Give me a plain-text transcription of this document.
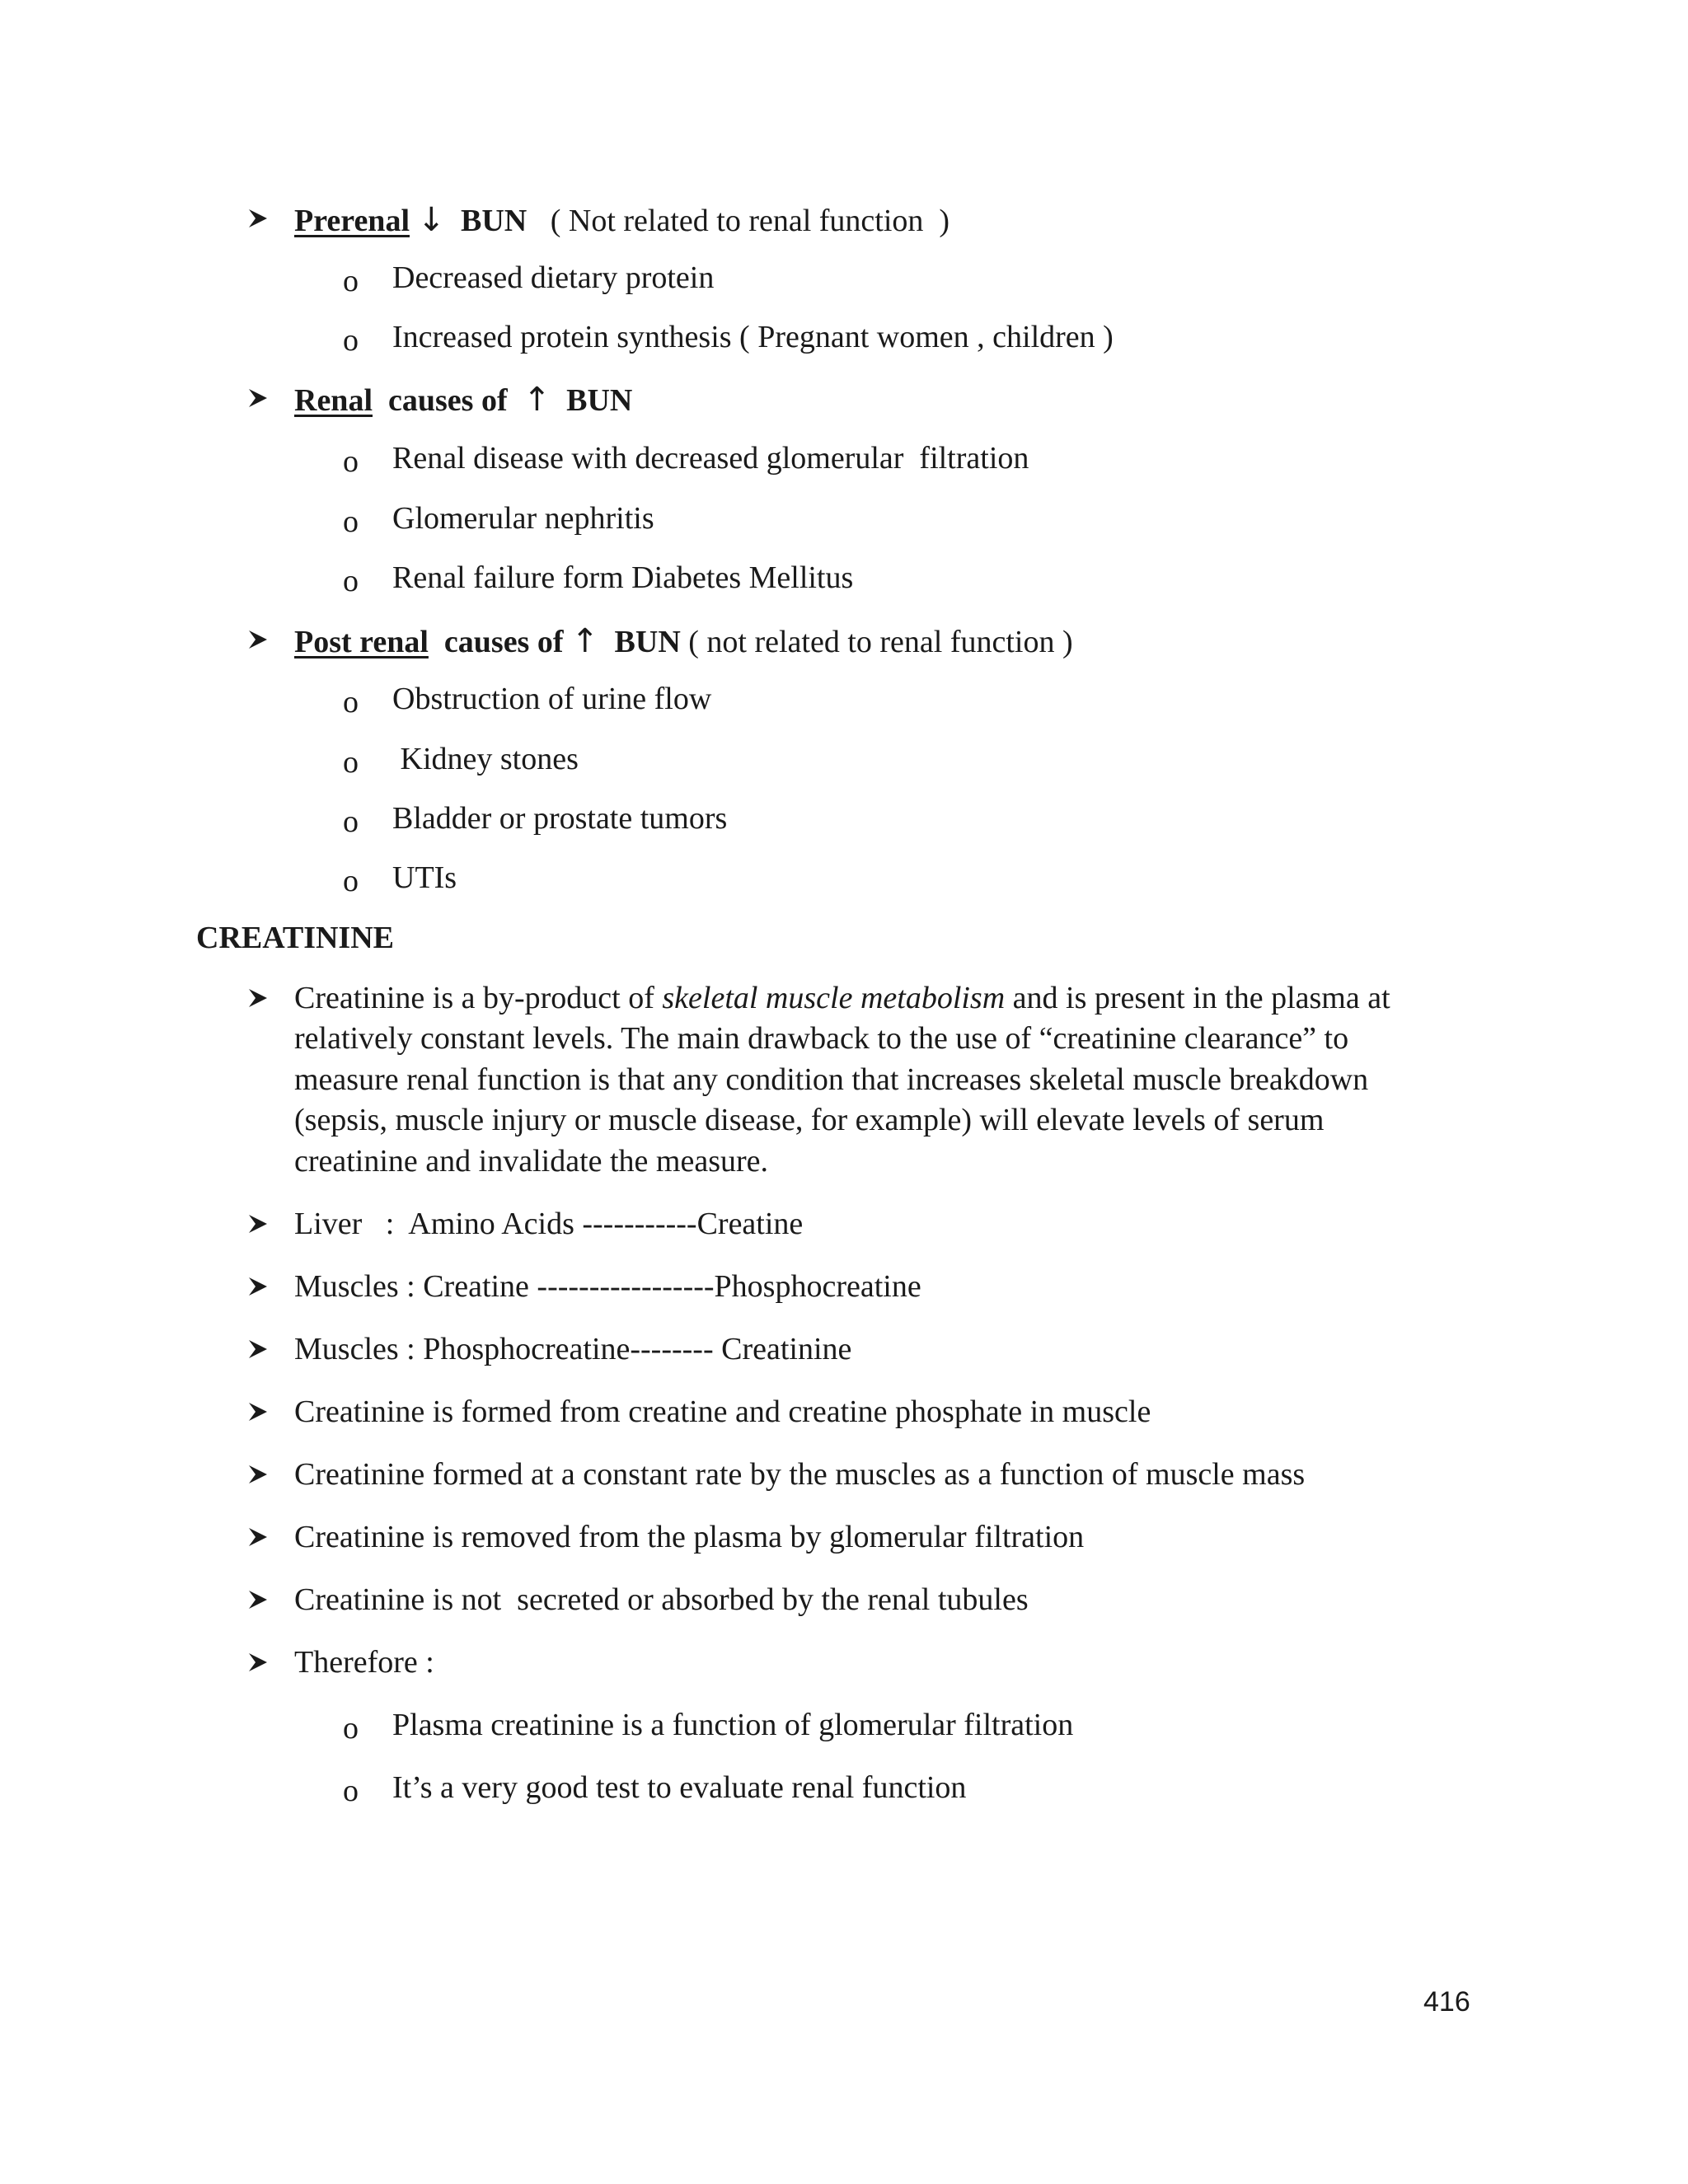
Prerenal ↓ BUN ( Not related to renal function  )
o Decreased dietary protein
o Increased protein synthesis ( Pregnant women , children )
Renal causes of ↑ BUN
o Renal disease with decreased glomerular  filtration
o Glomerular nephritis
o Renal failure form Diabetes Mellitus
Post renal causes of ↑ BUN ( not related to renal function )
o Obstruction of urine flow
o Kidney stones
o Bladder or prostate tumors
o UTIs
CREATININE
Creatinine is a by-product of skeletal muscle metabolism and is present in the plasma at
relatively constant levels. The main drawback to the use of “creatinine clearance” to
measure renal function is that any condition that increases skeletal muscle breakdown
(sepsis, muscle injury or muscle disease, for example) will elevate levels of serum
creatinine and invalidate the measure.
Liver   :  Amino Acids -----------Creatine
Muscles : Creatine -----------------Phosphocreatine
Muscles : Phosphocreatine-------- Creatinine
Creatinine is formed from creatine and creatine phosphate in muscle
Creatinine formed at a constant rate by the muscles as a function of muscle mass
Creatinine is removed from the plasma by glomerular filtration
Creatinine is not  secreted or absorbed by the renal tubules
Therefore :
o Plasma creatinine is a function of glomerular filtration
o It’s a very good test to evaluate renal function
416
